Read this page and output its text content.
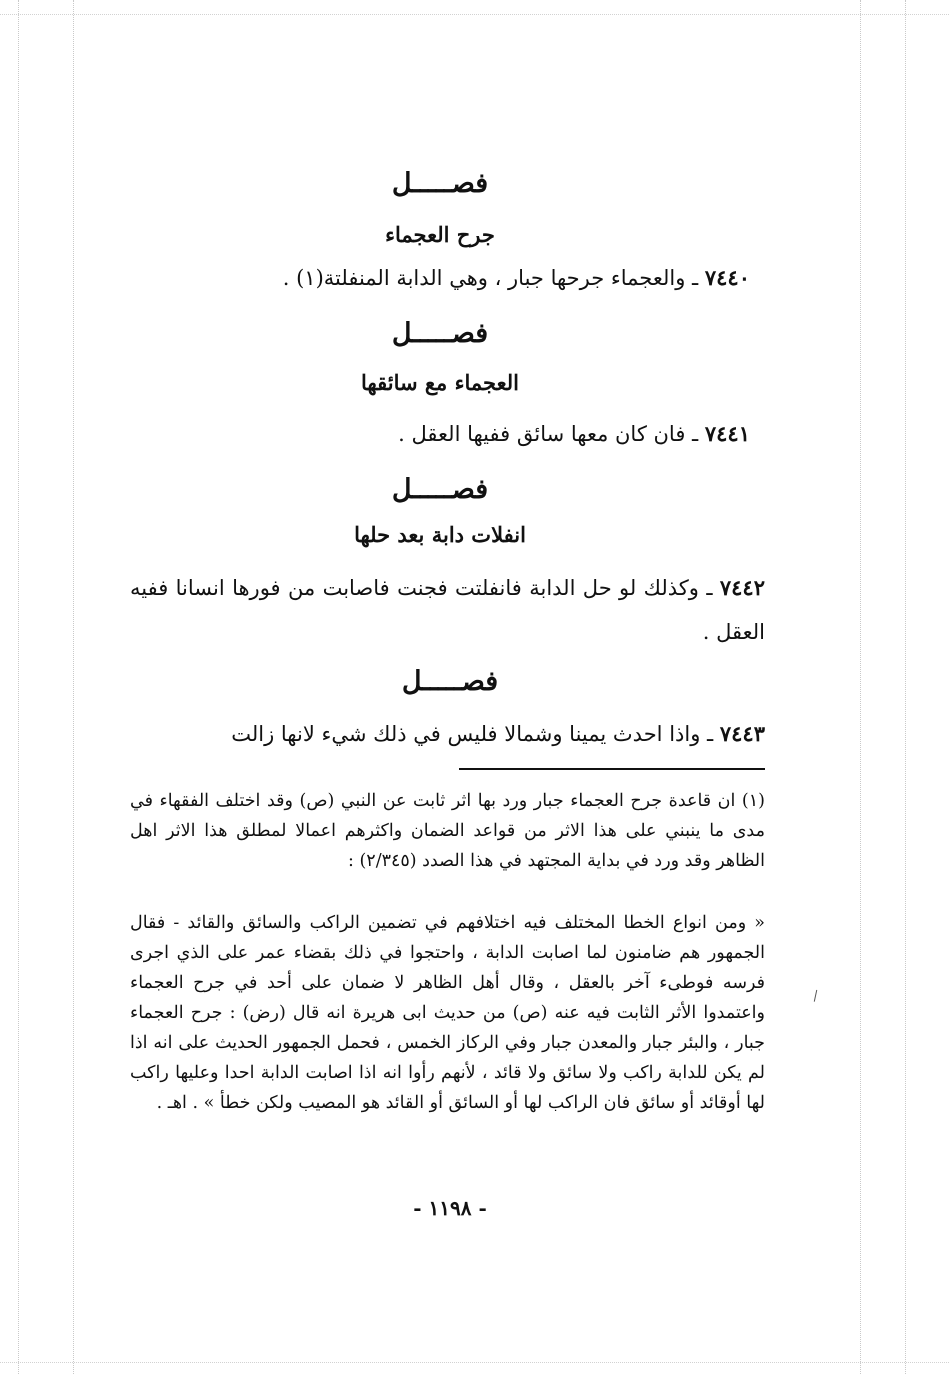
فصـــــل
جرح العجماء
٧٤٤٠ ـ والعجماء جرحها جبار ، وهي الدابة المنفلتة(١) .
فصـــــل
العجماء مع سائقها
٧٤٤١ ـ فان كان معها سائق ففيها العقل .
فصـــــل
انفلات دابة بعد حلها
٧٤٤٢ ـ وكذلك لو حل الدابة فانفلتت فجنت فاصابت من فورها انسانا ففيه العقل .
فصـــــل
٧٤٤٣ ـ واذا احدث يمينا وشمالا فليس في ذلك شيء لانها زالت
(١) ان قاعدة جرح العجماء جبار ورد بها اثر ثابت عن النبي (ص) وقد اختلف الفقهاء في مدى ما ينبني على هذا الاثر من قواعد الضمان واكثرهم اعمالا لمطلق هذا الاثر اهل الظاهر وقد ورد في بداية المجتهد في هذا الصدد (٢/٣٤٥) :
« ومن انواع الخطا المختلف فيه اختلافهم في تضمين الراكب والسائق والقائد - فقال الجمهور هم ضامنون لما اصابت الدابة ، واحتجوا في ذلك بقضاء عمر على الذي اجرى فرسه فوطىء آخر بالعقل ، وقال أهل الظاهر لا ضمان على أحد في جرح العجماء واعتمدوا الأثر الثابت فيه عنه (ص) من حديث ابى هريرة انه قال (رض) : جرح العجماء جبار ، والبئر جبار والمعدن جبار وفي الركاز الخمس ، فحمل الجمهور الحديث على انه اذا لم يكن للدابة راكب ولا سائق ولا قائد ، لأنهم رأوا انه اذا اصابت الدابة احدا وعليها راكب لها أوقائد أو سائق فان الراكب لها أو السائق أو القائد هو المصيب ولكن خطأ » . اهـ .
- ١١٩٨ -
